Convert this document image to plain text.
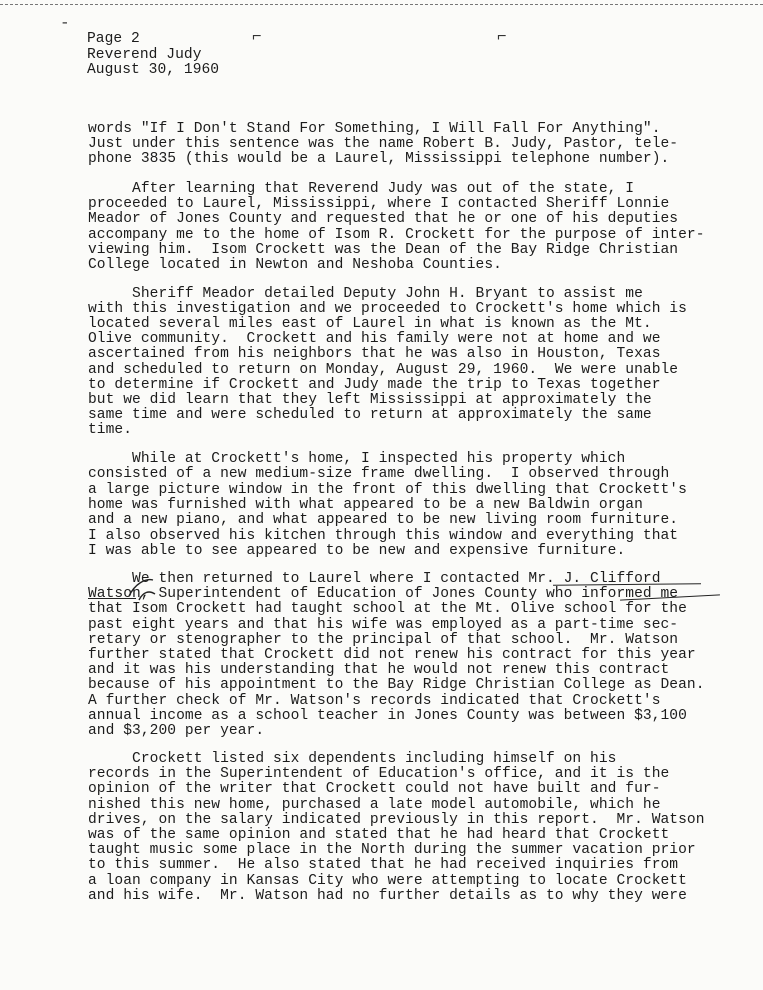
-
⌐	⌐
Page 2
Reverend Judy
August 30, 1960
words "If I Don't Stand For Something, I Will Fall For Anything".
Just under this sentence was the name Robert B. Judy, Pastor, tele-
phone 3835 (this would be a Laurel, Mississippi telephone number).
After learning that Reverend Judy was out of the state, I
proceeded to Laurel, Mississippi, where I contacted Sheriff Lonnie
Meador of Jones County and requested that he or one of his deputies
accompany me to the home of Isom R. Crockett for the purpose of inter-
viewing him.  Isom Crockett was the Dean of the Bay Ridge Christian
College located in Newton and Neshoba Counties.
Sheriff Meador detailed Deputy John H. Bryant to assist me
with this investigation and we proceeded to Crockett's home which is
located several miles east of Laurel in what is known as the Mt.
Olive community.  Crockett and his family were not at home and we
ascertained from his neighbors that he was also in Houston, Texas
and scheduled to return on Monday, August 29, 1960.  We were unable
to determine if Crockett and Judy made the trip to Texas together
but we did learn that they left Mississippi at approximately the
same time and were scheduled to return at approximately the same
time.
While at Crockett's home, I inspected his property which
consisted of a new medium-size frame dwelling.  I observed through
a large picture window in the front of this dwelling that Crockett's
home was furnished with what appeared to be a new Baldwin organ
and a new piano, and what appeared to be new living room furniture.
I also observed his kitchen through this window and everything that
I was able to see appeared to be new and expensive furniture.
We then returned to Laurel where I contacted Mr. J. Clifford
Watson, Superintendent of Education of Jones County who informed me
that Isom Crockett had taught school at the Mt. Olive school for the
past eight years and that his wife was employed as a part-time sec-
retary or stenographer to the principal of that school.  Mr. Watson
further stated that Crockett did not renew his contract for this year
and it was his understanding that he would not renew this contract
because of his appointment to the Bay Ridge Christian College as Dean.
A further check of Mr. Watson's records indicated that Crockett's
annual income as a school teacher in Jones County was between $3,100
and $3,200 per year.
Crockett listed six dependents including himself on his
records in the Superintendent of Education's office, and it is the
opinion of the writer that Crockett could not have built and fur-
nished this new home, purchased a late model automobile, which he
drives, on the salary indicated previously in this report.  Mr. Watson
was of the same opinion and stated that he had heard that Crockett
taught music some place in the North during the summer vacation prior
to this summer.  He also stated that he had received inquiries from
a loan company in Kansas City who were attempting to locate Crockett
and his wife.  Mr. Watson had no further details as to why they were
